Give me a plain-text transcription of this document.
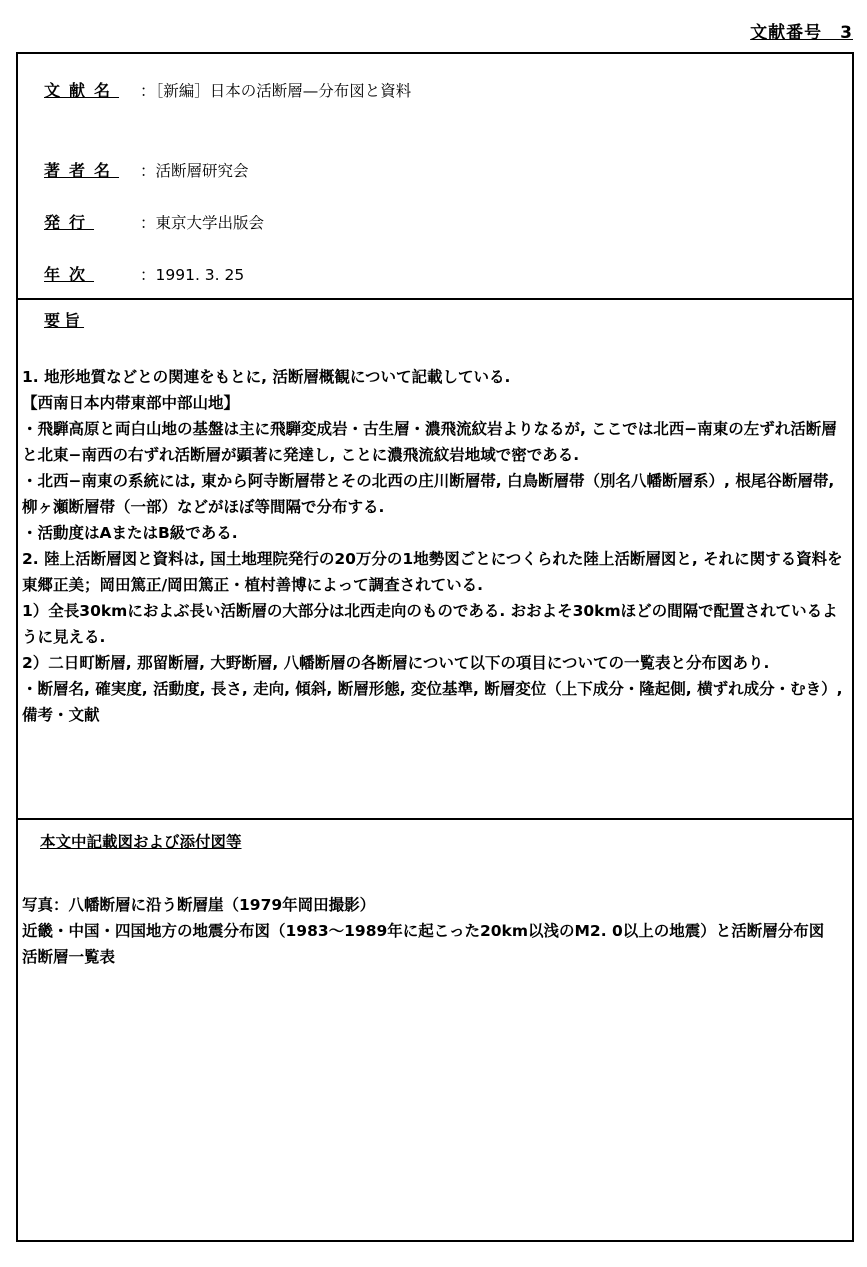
文献番号　3
文献名	：［新編］日本の活断層—分布図と資料
著者名	：活断層研究会
発行	：東京大学出版会
年次	：1991. 3. 25
要旨

1. 地形地質などとの関連をもとに, 活断層概観について記載している.

【西南日本内帯東部中部山地】

・飛騨高原と両白山地の基盤は主に飛騨変成岩・古生層・濃飛流紋岩よりなるが, ここでは北西−南東の左ずれ活断層と北東−南西の右ずれ活断層が顕著に発達し, ことに濃飛流紋岩地域で密である.

・北西−南東の系統には, 東から阿寺断層帯とその北西の庄川断層帯, 白鳥断層帯（別名八幡断層系）, 根尾谷断層帯, 柳ヶ瀬断層帯（一部）などがほぼ等間隔で分布する.

・活動度はAまたはB級である.

2. 陸上活断層図と資料は, 国土地理院発行の20万分の1地勢図ごとにつくられた陸上活断層図と, それに関する資料を東郷正美；岡田篤正/岡田篤正・植村善博によって調査されている.

1）全長30kmにおよぶ長い活断層の大部分は北西走向のものである. おおよそ30kmほどの間隔で配置されているように見える.

2）二日町断層, 那留断層, 大野断層, 八幡断層の各断層について以下の項目についての一覧表と分布図あり.

・断層名, 確実度, 活動度, 長さ, 走向, 傾斜, 断層形態, 変位基準, 断層変位（上下成分・隆起側, 横ずれ成分・むき）, 備考・文献

本文中記載図および添付図等

写真：八幡断層に沿う断層崖（1979年岡田撮影）

近畿・中国・四国地方の地震分布図（1983〜1989年に起こった20km以浅のM2. 0以上の地震）と活断層分布図

活断層一覧表
